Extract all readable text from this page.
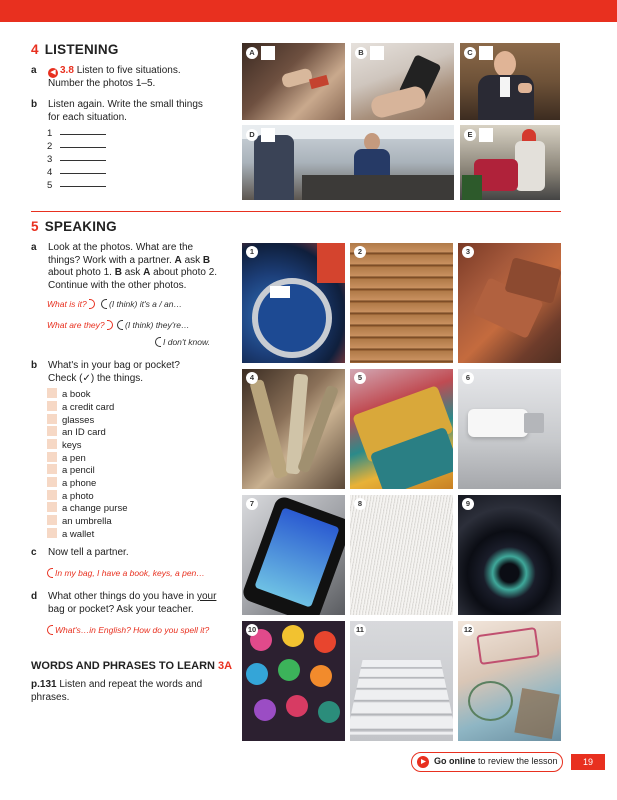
4 LISTENING
a	◀ 3.8 Listen to five situations.
Number the photos 1–5.
b Listen again. Write the small things
for each situation.
1
2
3
4
5
A	B	C
D	E
5 SPEAKING
a Look at the photos. What are the
things? Work with a partner. A ask B
about photo 1. B ask A about photo 2.
Continue with the other photos.
What is it?	(I think) it's a / an…
What are they?	(I think) they're…
I don't know.
b What's in your bag or pocket?
Check (✓) the things.
a book
a credit card
glasses
an ID card
keys
a pen
a pencil
a phone
a photo
a change purse
an umbrella
a wallet
c Now tell a partner.
In my bag, I have a book, keys, a pen…
d What other things do you have in your
bag or pocket? Ask your teacher.
What's…in English? How do you spell it?
WORDS AND PHRASES TO LEARN 3A
p.131 Listen and repeat the words and
phrases.
1	2	3
4	5	6
7	8	9
10	11	12
Go online to review the lesson	19
